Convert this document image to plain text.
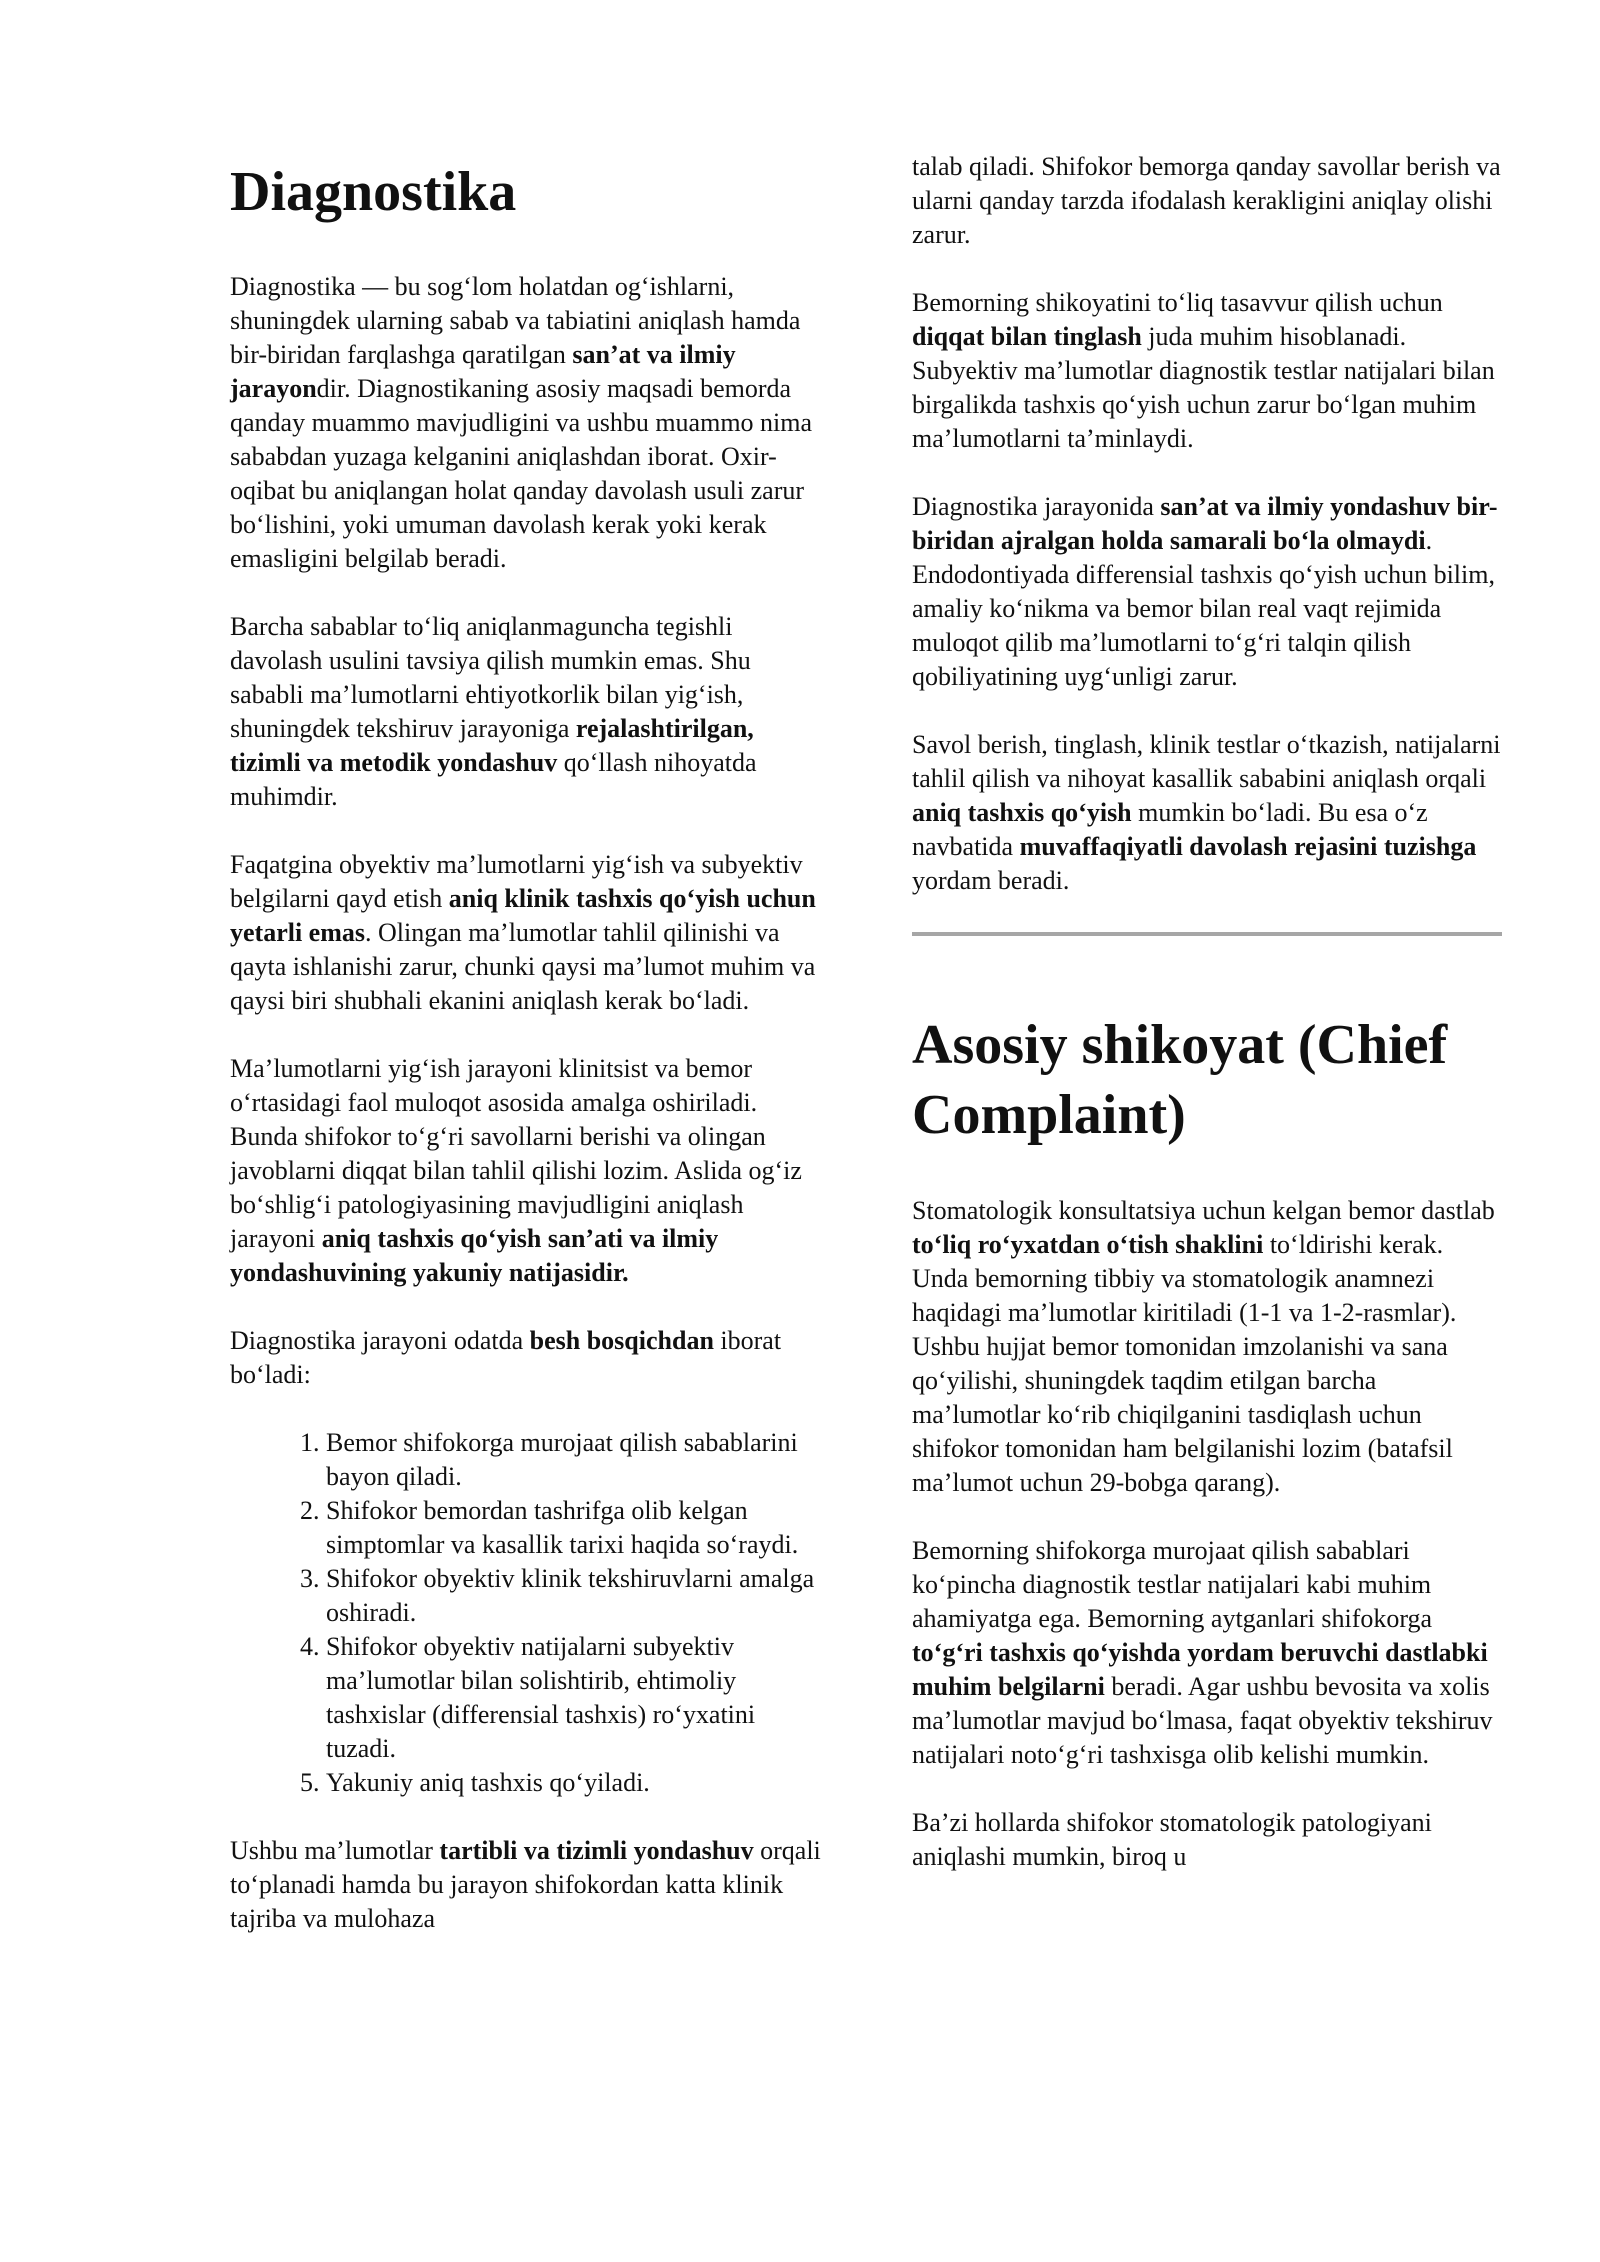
Diagnostika

Diagnostika — bu sog‘lom holatdan og‘ishlarni, shuningdek ularning sabab va tabiatini aniqlash hamda bir-biridan farqlashga qaratilgan san’at va ilmiy jarayondir. Diagnostikaning asosiy maqsadi bemorda qanday muammo mavjudligini va ushbu muammo nima sababdan yuzaga kelganini aniqlashdan iborat. Oxir-oqibat bu aniqlangan holat qanday davolash usuli zarur bo‘lishini, yoki umuman davolash kerak yoki kerak emasligini belgilab beradi.

Barcha sabablar to‘liq aniqlanmaguncha tegishli davolash usulini tavsiya qilish mumkin emas. Shu sababli ma’lumotlarni ehtiyotkorlik bilan yig‘ish, shuningdek tekshiruv jarayoniga rejalashtirilgan, tizimli va metodik yondashuv qo‘llash nihoyatda muhimdir.

Faqatgina obyektiv ma’lumotlarni yig‘ish va subyektiv belgilarni qayd etish aniq klinik tashxis qo‘yish uchun yetarli emas. Olingan ma’lumotlar tahlil qilinishi va qayta ishlanishi zarur, chunki qaysi ma’lumot muhim va qaysi biri shubhali ekanini aniqlash kerak bo‘ladi.

Ma’lumotlarni yig‘ish jarayoni klinitsist va bemor o‘rtasidagi faol muloqot asosida amalga oshiriladi. Bunda shifokor to‘g‘ri savollarni berishi va olingan javoblarni diqqat bilan tahlil qilishi lozim. Aslida og‘iz bo‘shlig‘i patologiyasining mavjudligini aniqlash jarayoni aniq tashxis qo‘yish san’ati va ilmiy yondashuvining yakuniy natijasidir.

Diagnostika jarayoni odatda besh bosqichdan iborat bo‘ladi:

1. Bemor shifokorga murojaat qilish sabablarini bayon qiladi.
2. Shifokor bemordan tashrifga olib kelgan simptomlar va kasallik tarixi haqida so‘raydi.
3. Shifokor obyektiv klinik tekshiruvlarni amalga oshiradi.
4. Shifokor obyektiv natijalarni subyektiv ma’lumotlar bilan solishtirib, ehtimoliy tashxislar (differensial tashxis) ro‘yxatini tuzadi.
5. Yakuniy aniq tashxis qo‘yiladi.

Ushbu ma’lumotlar tartibli va tizimli yondashuv orqali to‘planadi hamda bu jarayon shifokordan katta klinik tajriba va mulohaza

talab qiladi. Shifokor bemorga qanday savollar berish va ularni qanday tarzda ifodalash kerakligini aniqlay olishi zarur.

Bemorning shikoyatini to‘liq tasavvur qilish uchun diqqat bilan tinglash juda muhim hisoblanadi. Subyektiv ma’lumotlar diagnostik testlar natijalari bilan birgalikda tashxis qo‘yish uchun zarur bo‘lgan muhim ma’lumotlarni ta’minlaydi.

Diagnostika jarayonida san’at va ilmiy yondashuv bir-biridan ajralgan holda samarali bo‘la olmaydi. Endodontiyada differensial tashxis qo‘yish uchun bilim, amaliy ko‘nikma va bemor bilan real vaqt rejimida muloqot qilib ma’lumotlarni to‘g‘ri talqin qilish qobiliyatining uyg‘unligi zarur.

Savol berish, tinglash, klinik testlar o‘tkazish, natijalarni tahlil qilish va nihoyat kasallik sababini aniqlash orqali aniq tashxis qo‘yish mumkin bo‘ladi. Bu esa o‘z navbatida muvaffaqiyatli davolash rejasini tuzishga yordam beradi.

Asosiy shikoyat (Chief Complaint)

Stomatologik konsultatsiya uchun kelgan bemor dastlab to‘liq ro‘yxatdan o‘tish shaklini to‘ldirishi kerak. Unda bemorning tibbiy va stomatologik anamnezi haqidagi ma’lumotlar kiritiladi (1-1 va 1-2-rasmlar). Ushbu hujjat bemor tomonidan imzolanishi va sana qo‘yilishi, shuningdek taqdim etilgan barcha ma’lumotlar ko‘rib chiqilganini tasdiqlash uchun shifokor tomonidan ham belgilanishi lozim (batafsil ma’lumot uchun 29-bobga qarang).

Bemorning shifokorga murojaat qilish sabablari ko‘pincha diagnostik testlar natijalari kabi muhim ahamiyatga ega. Bemorning aytganlari shifokorga to‘g‘ri tashxis qo‘yishda yordam beruvchi dastlabki muhim belgilarni beradi. Agar ushbu bevosita va xolis ma’lumotlar mavjud bo‘lmasa, faqat obyektiv tekshiruv natijalari noto‘g‘ri tashxisga olib kelishi mumkin.

Ba’zi hollarda shifokor stomatologik patologiyani aniqlashi mumkin, biroq u
